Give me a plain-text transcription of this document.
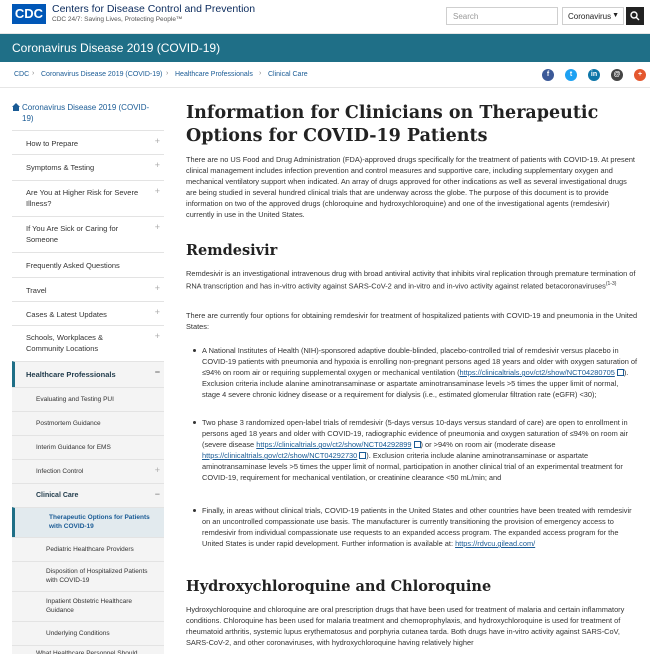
CDC Centers for Disease Control and Prevention
CDC 24/7: Saving Lives, Protecting People™	Search	Coronavirus ▼
Coronavirus Disease 2019 (COVID-19)
CDC › Coronavirus Disease 2019 (COVID-19) › Healthcare Professionals › Clinical Care	f	t	in	@	+
Coronavirus Disease 2019 (COVID-19)
How to Prepare	+
Symptoms & Testing	+
Are You at Higher Risk for Severe Illness?
+
If You Are Sick or Caring for Someone
+
Frequently Asked Questions
Travel	+
Cases & Latest Updates	+
Schools, Workplaces & Community Locations
+
Healthcare Professionals	−
Evaluating and Testing PUI
Postmortem Guidance
Interim Guidance for EMS
Infection Control	+
Clinical Care	−
Therapeutic Options for Patients with COVID-19
Pediatric Healthcare Providers
Disposition of Hospitalized Patients with COVID-19
Inpatient Obstetric Healthcare Guidance
Underlying Conditions
What Healthcare Personnel Should
Information for Clinicians on Therapeutic Options for COVID-19 Patients

There are no US Food and Drug Administration (FDA)-approved drugs specifically for the treatment of patients with COVID-19. At present clinical management includes infection prevention and control measures and supportive care, including supplementary oxygen and mechanical ventilatory support when indicated. An array of drugs approved for other indications as well as several investigational drugs are being studied in several hundred clinical trials that are underway across the globe. The purpose of this document is to provide information on two of the approved drugs (chloroquine and hydroxychloroquine) and one of the investigational agents (remdesivir) currently in use in the United States.

Remdesivir

Remdesivir is an investigational intravenous drug with broad antiviral activity that inhibits viral replication through premature termination of RNA transcription and has in-vitro activity against SARS-CoV-2 and in-vitro and in-vivo activity against related betacoronaviruses$^{(1-3)}$

There are currently four options for obtaining remdesivir for treatment of hospitalized patients with COVID-19 and pneumonia in the United States:

A National Institutes of Health (NIH)-sponsored adaptive double-blinded, placebo-controlled trial of remdesivir versus placebo in COVID-19 patients with pneumonia and hypoxia is enrolling non-pregnant persons aged 18 years and older with oxygen saturation of ≤94% on room air or requiring supplemental oxygen or mechanical ventilation (https://clinicaltrials.gov/ct2/show/NCT04280705 ). Exclusion criteria include alanine aminotransaminase or aspartate aminotransaminase levels >5 times the upper limit of normal, stage 4 severe chronic kidney disease or a requirement for dialysis (i.e., estimated glomerular filtration rate (eGFR) <30);
Two phase 3 randomized open-label trials of remdesivir (5-days versus 10-days versus standard of care) are open to enrollment in persons aged 18 years and older with COVID-19, radiographic evidence of pneumonia and oxygen saturation of ≤94% on room air (severe disease https://clinicaltrials.gov/ct2/show/NCT04292899 ) or >94% on room air (moderate disease https://clinicaltrials.gov/ct2/show/NCT04292730 ). Exclusion criteria include alanine aminotransaminase or aspartate aminotransaminase levels >5 times the upper limit of normal, participation in another clinical trial of an experimental treatment for COVID-19, requirement for mechanical ventilation, or creatinine clearance <50 mL/min; and
Finally, in areas without clinical trials, COVID-19 patients in the United States and other countries have been treated with remdesivir on an uncontrolled compassionate use basis. The manufacturer is currently transitioning the provision of emergency access to remdesivir from individual compassionate use requests to an expanded access program. The expanded access program for the United States is under rapid development. Further information is available at: https://rdvcu.gilead.com/
Hydroxychloroquine and Chloroquine

Hydroxychloroquine and chloroquine are oral prescription drugs that have been used for treatment of malaria and certain inflammatory conditions. Chloroquine has been used for malaria treatment and chemoprophylaxis, and hydroxychloroquine is used for treatment of rheumatoid arthritis, systemic lupus erythematosus and porphyria cutanea tarda. Both drugs have in-vitro activity against SARS-CoV, SARS-CoV-2, and other coronaviruses, with hydroxychloroquine having relatively higher
